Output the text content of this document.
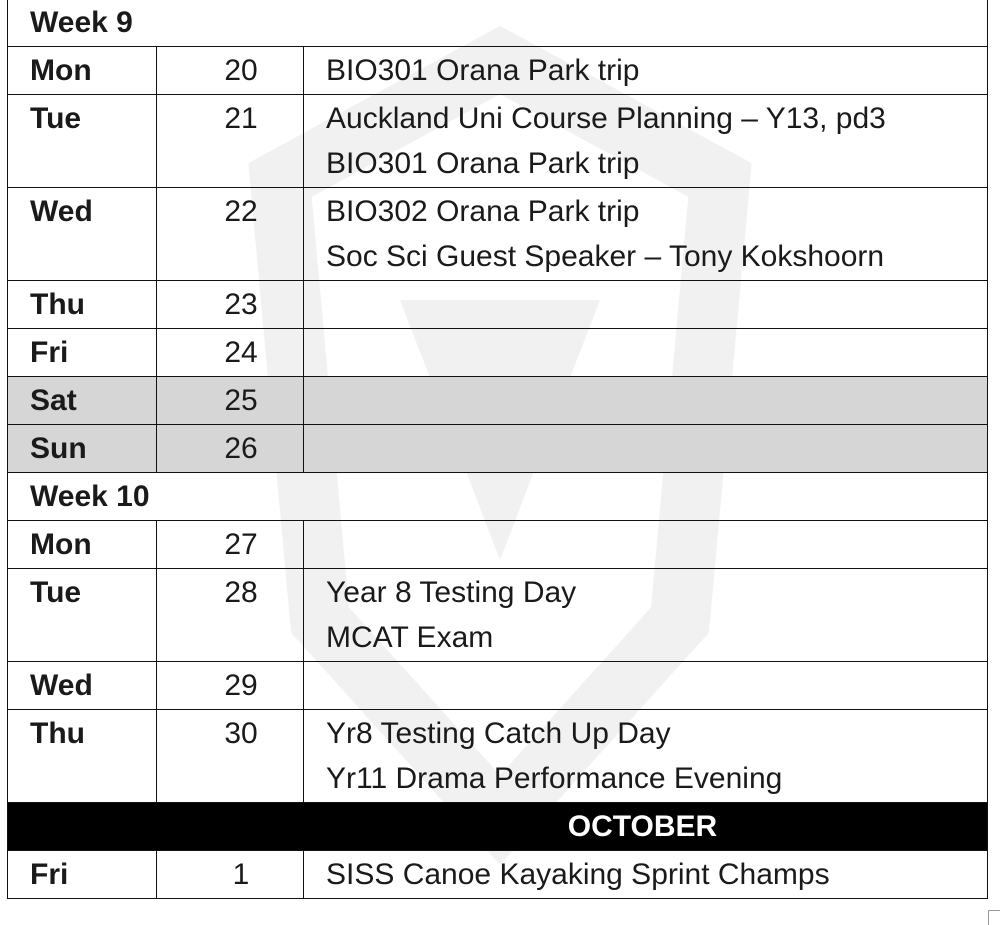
Week 9		
Mon	20	BIO301 Orana Park trip

Tue	21	Auckland Uni Course Planning – Y13, pd3
BIO301 Orana Park trip

Wed	22	BIO302 Orana Park trip
Soc Sci Guest Speaker – Tony Kokshoorn

Thu	23	
Fri	24	
Sat	25	
Sun	26	
Week 10		
Mon	27	
Tue	28	Year 8 Testing Day
MCAT Exam

Wed	29	
Thu	30	Yr8 Testing Catch Up Day
Yr11 Drama Performance Evening

OCTOBER		
Fri	1	SISS Canoe Kayaking Sprint Champs
